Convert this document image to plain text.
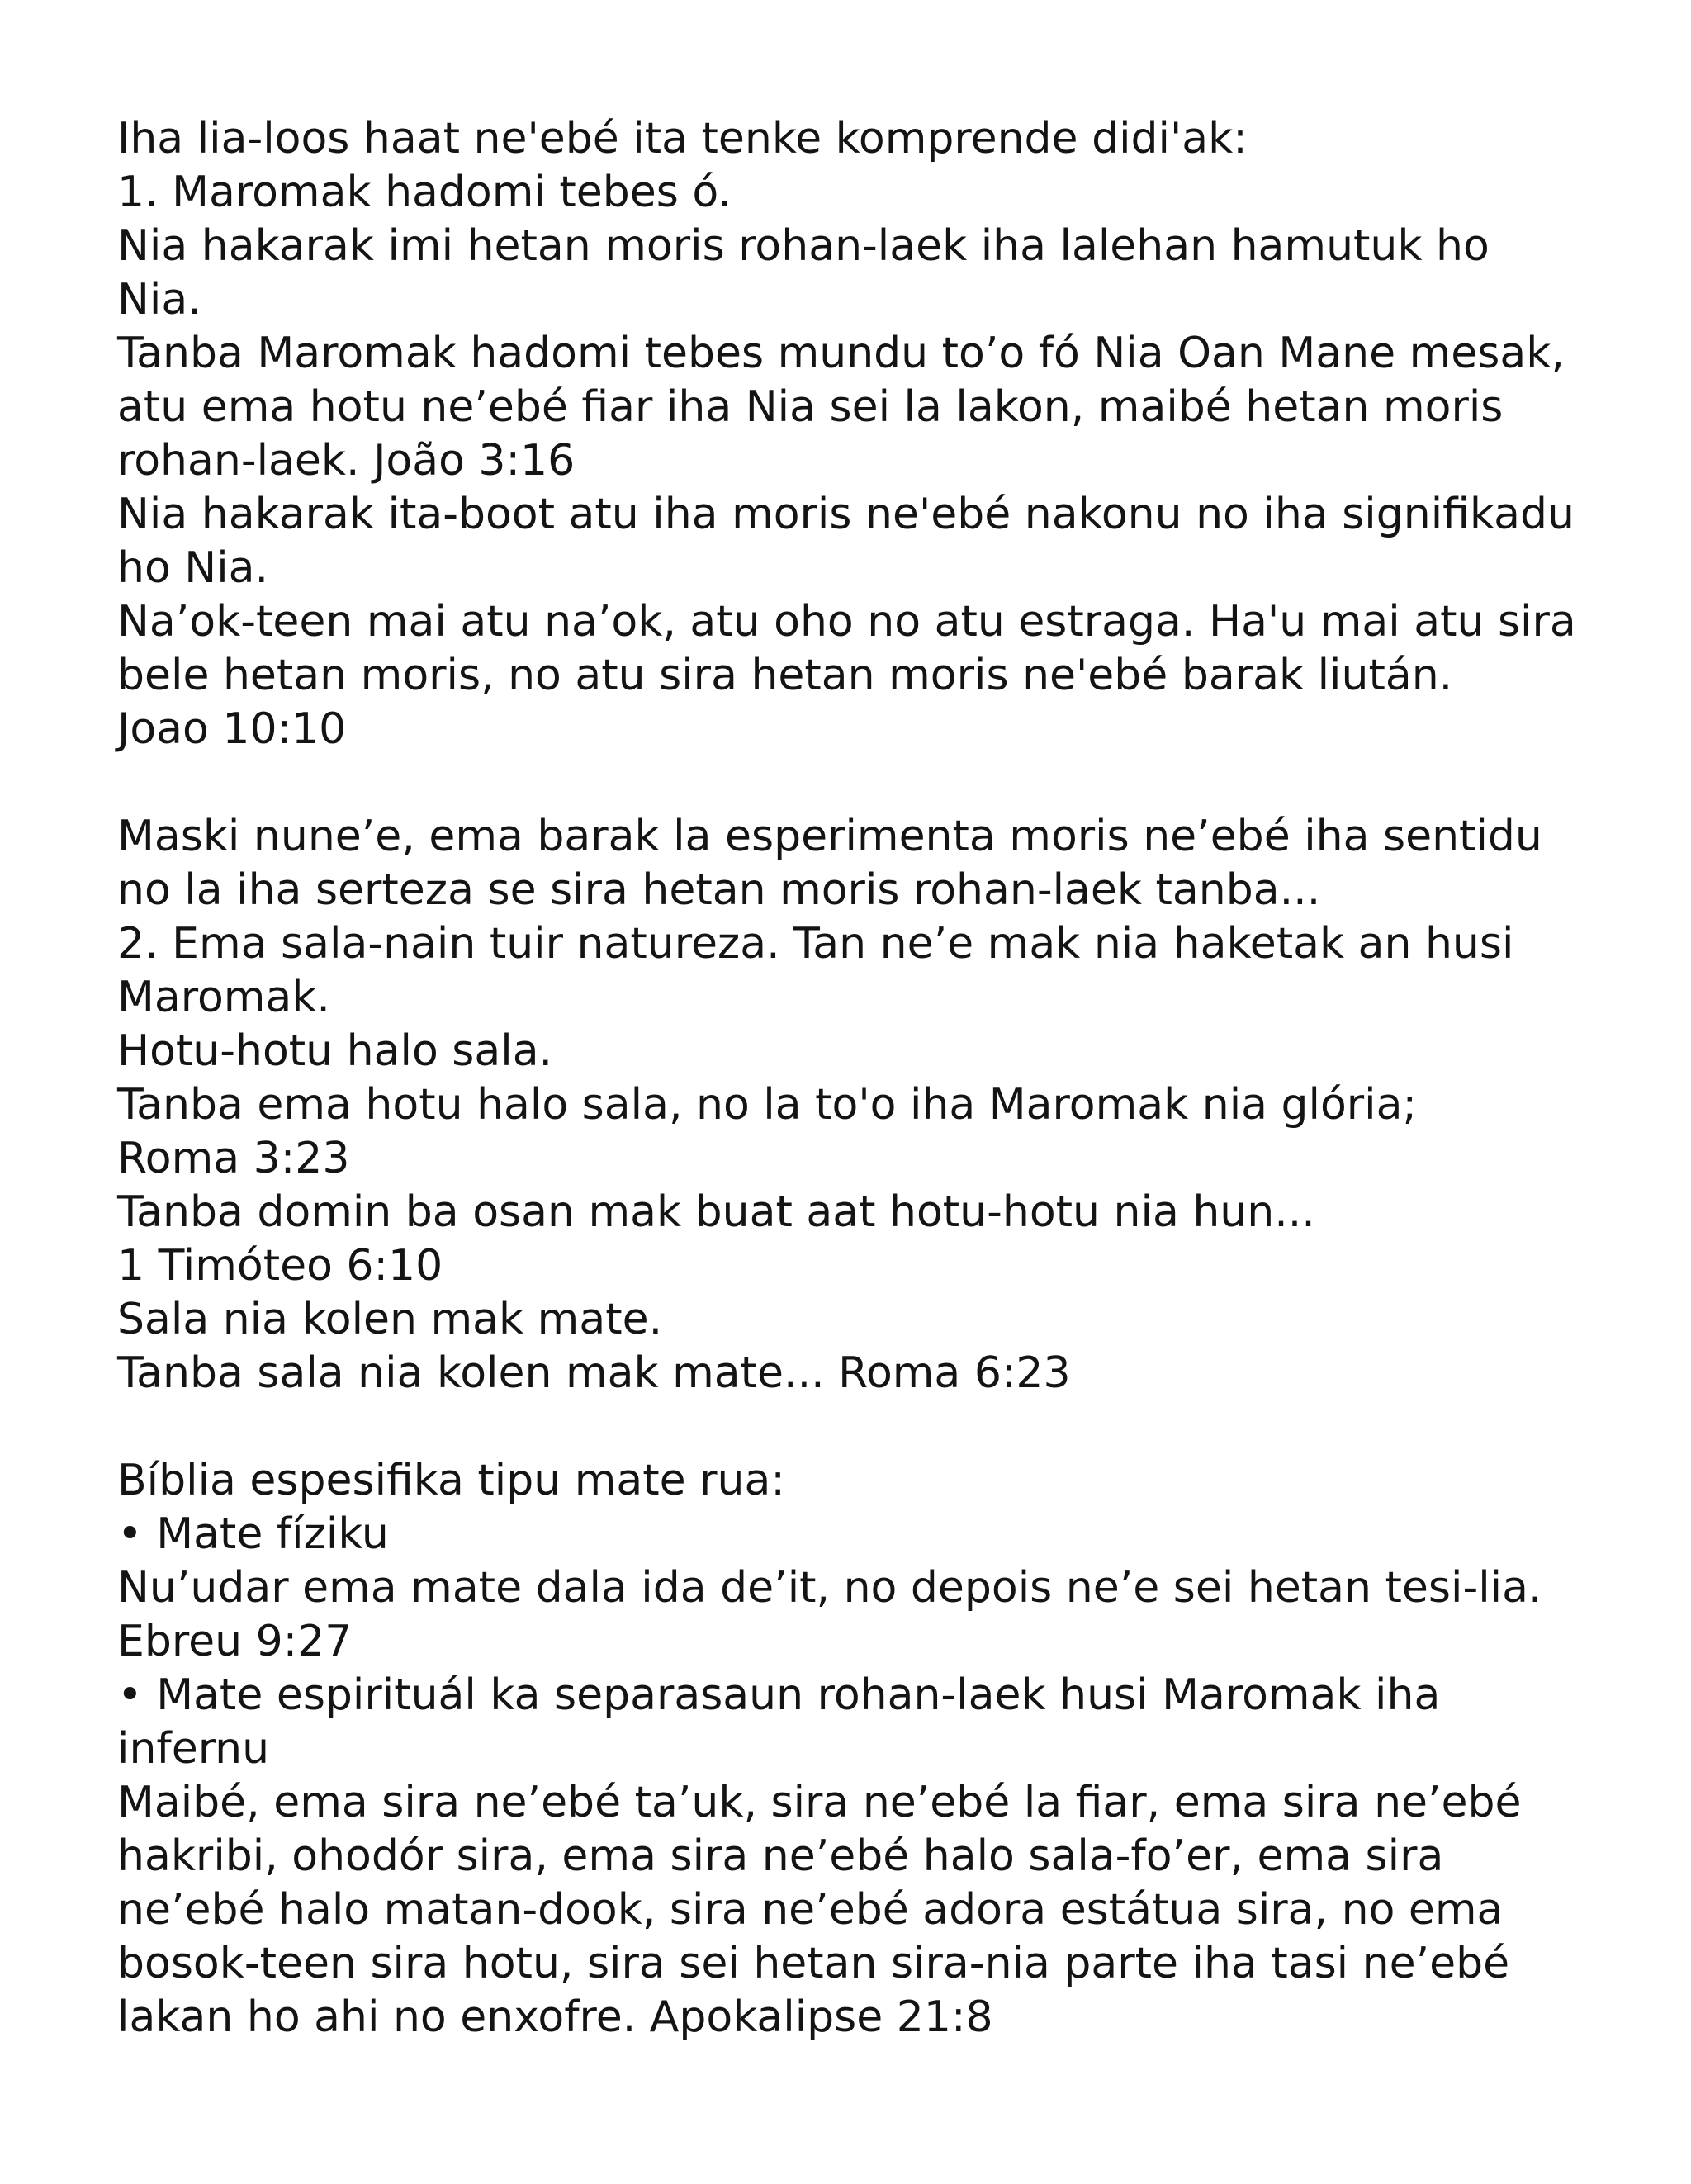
Iha lia-loos haat ne'ebé ita tenke komprende didi'ak:
1. Maromak hadomi tebes ó.
Nia hakarak imi hetan moris rohan-laek iha lalehan hamutuk ho
Nia.
Tanba Maromak hadomi tebes mundu to’o fó Nia Oan Mane mesak,
atu ema hotu ne’ebé fiar iha Nia sei la lakon, maibé hetan moris
rohan-laek. João 3:16
Nia hakarak ita-boot atu iha moris ne'ebé nakonu no iha signifikadu
ho Nia.
Na’ok-teen mai atu na’ok, atu oho no atu estraga. Ha'u mai atu sira
bele hetan moris, no atu sira hetan moris ne'ebé barak liután.
Joao 10:10
Maski nune’e, ema barak la esperimenta moris ne’ebé iha sentidu
no la iha serteza se sira hetan moris rohan-laek tanba...
2. Ema sala-nain tuir natureza. Tan ne’e mak nia haketak an husi
Maromak.
Hotu-hotu halo sala.
Tanba ema hotu halo sala, no la to'o iha Maromak nia glória;
Roma 3:23
Tanba domin ba osan mak buat aat hotu-hotu nia hun...
1 Timóteo 6:10
Sala nia kolen mak mate.
Tanba sala nia kolen mak mate... Roma 6:23
Bíblia espesifika tipu mate rua:
• Mate fíziku
Nu’udar ema mate dala ida de’it, no depois ne’e sei hetan tesi-lia.
Ebreu 9:27
• Mate espirituál ka separasaun rohan-laek husi Maromak iha
infernu
Maibé, ema sira ne’ebé ta’uk, sira ne’ebé la fiar, ema sira ne’ebé
hakribi, ohodór sira, ema sira ne’ebé halo sala-fo’er, ema sira
ne’ebé halo matan-dook, sira ne’ebé adora estátua sira, no ema
bosok-teen sira hotu, sira sei hetan sira-nia parte iha tasi ne’ebé
lakan ho ahi no enxofre. Apokalipse 21:8
